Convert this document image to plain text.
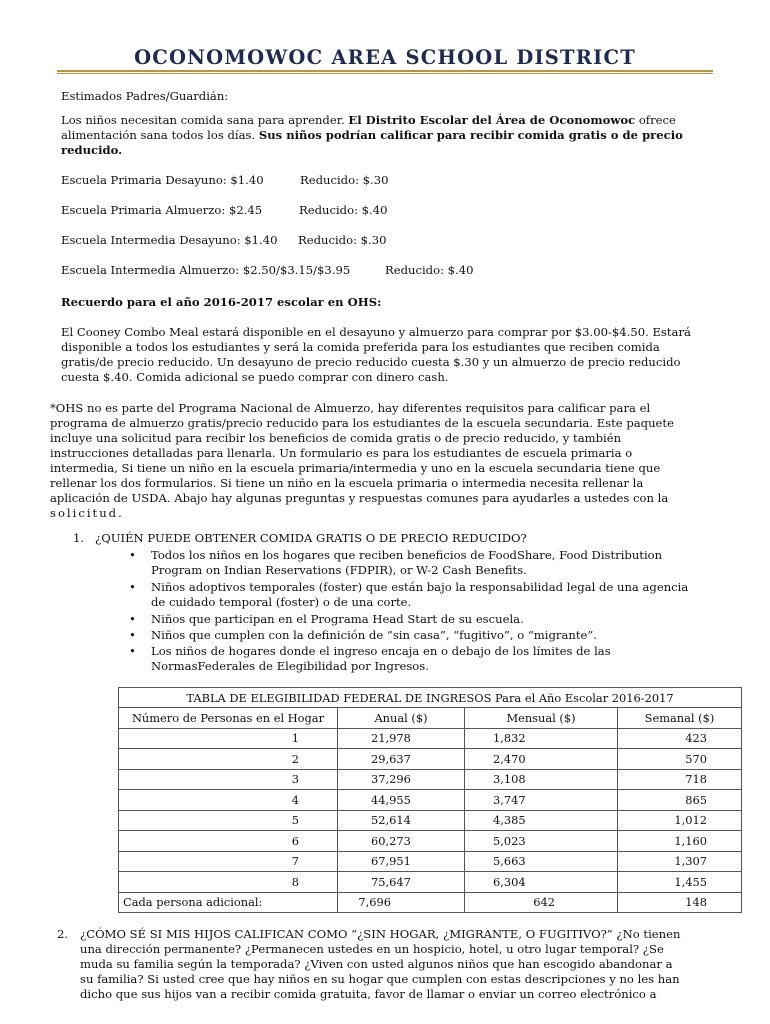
OCONOMOWOC AREA SCHOOL DISTRICT
Estimados Padres/Guardián:
Los niños necesitan comida sana para aprender. El Distrito Escolar del Área de Oconomowoc ofrece
alimentación sana todos los días. Sus niños podrían calificar para recibir comida gratis o de precio
reducido.
Escuela Primaria Desayuno: $1.40	Reducido: $.30
Escuela Primaria Almuerzo: $2.45	Reducido: $.40
Escuela Intermedia Desayuno: $1.40 Reducido: $.30
Escuela Intermedia Almuerzo: $2.50/$3.15/$3.95	Reducido: $.40
Recuerdo para el año 2016-2017 escolar en OHS:
El Cooney Combo Meal estará disponible en el desayuno y almuerzo para comprar por $3.00-$4.50. Estará
disponible a todos los estudiantes y será la comida preferida para los estudiantes que reciben comida
gratis/de precio reducido. Un desayuno de precio reducido cuesta $.30 y un almuerzo de precio reducido
cuesta $.40. Comida adicional se puedo comprar con dinero cash.
*OHS no es parte del Programa Nacional de Almuerzo, hay diferentes requisitos para calificar para el
programa de almuerzo gratis/precio reducido para los estudiantes de la escuela secundaria. Este paquete
incluye una solicitud para recibir los beneficios de comida gratis o de precio reducido, y también
instrucciones detalladas para llenarla. Un formulario es para los estudiantes de escuela primaria o
intermedia, Si tiene un niño en la escuela primaria/intermedia y uno en la escuela secundaria tiene que
rellenar los dos formularios. Si tiene un niño en la escuela primaria o intermedia necesita rellenar la
aplicación de USDA. Abajo hay algunas preguntas y respuestas comunes para ayudarles a ustedes con la
solicitud.
1. ¿QUIÉN PUEDE OBTENER COMIDA GRATIS O DE PRECIO REDUCIDO?
• Todos los niños en los hogares que reciben beneficios de FoodShare, Food Distribution
Program on Indian Reservations (FDPIR), or W-2 Cash Benefits.
• Niños adoptivos temporales (foster) que están bajo la responsabilidad legal de una agencia
de cuidado temporal (foster) o de una corte.
• Niños que participan en el Programa Head Start de su escuela.
• Niños que cumplen con la definición de “sin casa”, “fugitivo”, o “migrante”.
• Los niños de hogares donde el ingreso encaja en o debajo de los límites de las
NormasFederales de Elegibilidad por Ingresos.
TABLA DE ELEGIBILIDAD FEDERAL DE INGRESOS Para el Año Escolar 2016-2017			
Número de Personas en el Hogar	Anual ($)	Mensual ($)	Semanal ($)
1	21,978	1,832	423
2	29,637	2,470	570
3	37,296	3,108	718
4	44,955	3,747	865
5	52,614	4,385	1,012
6	60,273	5,023	1,160
7	67,951	5,663	1,307
8	75,647	6,304	1,455
Cada persona adicional:	7,696	642	148
2. ¿CÓMO SÉ SI MIS HIJOS CALIFICAN COMO “¿SIN HOGAR, ¿MIGRANTE, O FUGITIVO?” ¿No tienen
una dirección permanente? ¿Permanecen ustedes en un hospicio, hotel, u otro lugar temporal? ¿Se
muda su familia según la temporada? ¿Viven con usted algunos niños que han escogido abandonar a
su familia? Si usted cree que hay niños en su hogar que cumplen con estas descripciones y no les han
dicho que sus hijos van a recibir comida gratuita, favor de llamar o enviar un correo electrónico a
